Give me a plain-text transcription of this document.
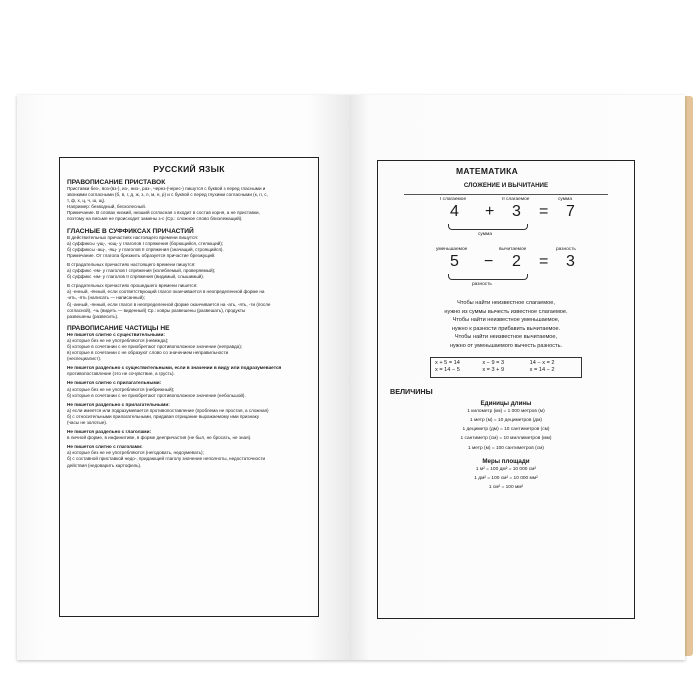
РУССКИЙ ЯЗЫК
ПРАВОПИСАНИЕ ПРИСТАВОК
Приставки без-, воз-(вз-), из-, низ-, раз-, через-(черес-) пишутся с буквой з перед гласными и
звонкими согласными (б, в, г, д, ж, з, л, м, н, р) и с буквой с перед глухими согласными (к, п, с,
т, ф, х, ц, ч, ш, щ).
Например: безводный, бесколесный.
Примечание. В словах низкий, низший согласная з входит в состав корня, а не приставки,
поэтому на письме не происходит замены з-с (Ср.: сложное слово близлежащий).
ГЛАСНЫЕ В СУФФИКСАХ ПРИЧАСТИЙ
В действительных причастиях настоящего времени пишутся:
а) суффиксы -ущ-, -ющ- у глаголов I спряжения (борющийся, стелющий);
б) суффиксы -ащ-, -ящ- у глаголов II спряжения (значащий, строящийся).
Примечание. От глагола брезжить образуется причастие брезжущий.
В страдательных причастиях настоящего времени пишутся:
а) суффикс -ем- у глаголов I спряжения (колеблемый, проверяемый);
б) суффикс -им- у глаголов II спряжения (видимый, слышимый).
В страдательных причастиях прошедшего времени пишется:
а) -енный, -ённый, если соответствующий глагол оканчивается в неопределенной форме на
-ить, -ять (налисать — написанный);
б) -анный, -янный, если глагол в неопределенной форме оканчивается на -ать, -ять, -ти (после
согласной), -чь (видеть — виденный) Ср.: ковры развешены (развешать), продукты
развешены (развесить).
ПРАВОПИСАНИЕ ЧАСТИЦЫ НЕ
Не пишется слитно с существительными:
а) которые без не не употребляются (невежда);
б) которые в сочетании с не приобретают противоположное значение (неправда);
в) которые в сочетании с не образуют слово со значением неправильности
(неспециалист).
Не пишется раздельно с существительными, если в значении в виду или подразумевается
противопоставление (это не сочувствие, а грусть).
Не пишется слитно с прилагательными:
а) которые без не не употребляются (небрежный);
б) которые в сочетании с не приобретают противоположное значение (небольшой).
Не пишется раздельно с прилагательными:
а) если имеется или подразумевается противопоставление (проблема не простая, а сложная)
б) с относительными прилагательными, придавая отрицание выражаемому ими признаку
(часы не золотые).
Не пишется раздельно с глаголами:
в личной форме, в инфинитиве, в форме деепричастия (не был, не бросать, не зная).
Не пишется слитно с глаголами:
а) которые без не не употребляются (негодовать, недоумевать);
б) с составной приставкой недо-, придающей глаголу значение неполноты, недостаточности
действия (недоварить картофель).
МАТЕМАТИКА
СЛОЖЕНИЕ И ВЫЧИТАНИЕ
I слагаемое	II слагаемое	сумма
4 + 3 = 7
сумма
уменьшаемое	вычитаемое	разность
5 − 2 = 3
разность
Чтобы найти неизвестное слагаемое,
нужно из суммы вычесть известное слагаемое.
Чтобы найти неизвестное уменьшаемое,
нужно к разности прибавить вычитаемое.
Чтобы найти неизвестное вычитаемое,
нужно от уменьшаемого вычесть разность.
x + 5 = 14	x − 9 = 3	14 − x = 2
x = 14 − 5	x = 3 + 9	x = 14 − 2
ВЕЛИЧИНЫ
Единицы длины
1 километр (км) = 1 000 метров (м)
1 метр (м) = 10 дециметров (дм)
1 дециметр (дм) = 10 сантиметров (см)
1 сантиметр (см) = 10 миллиметров (мм)
1 метр (м) = 100 сантиметров (см)
Меры площади
1 м² = 100 дм² = 10 000 см²
1 дм² = 100 см² = 10 000 мм²
1 см² = 100 мм²
